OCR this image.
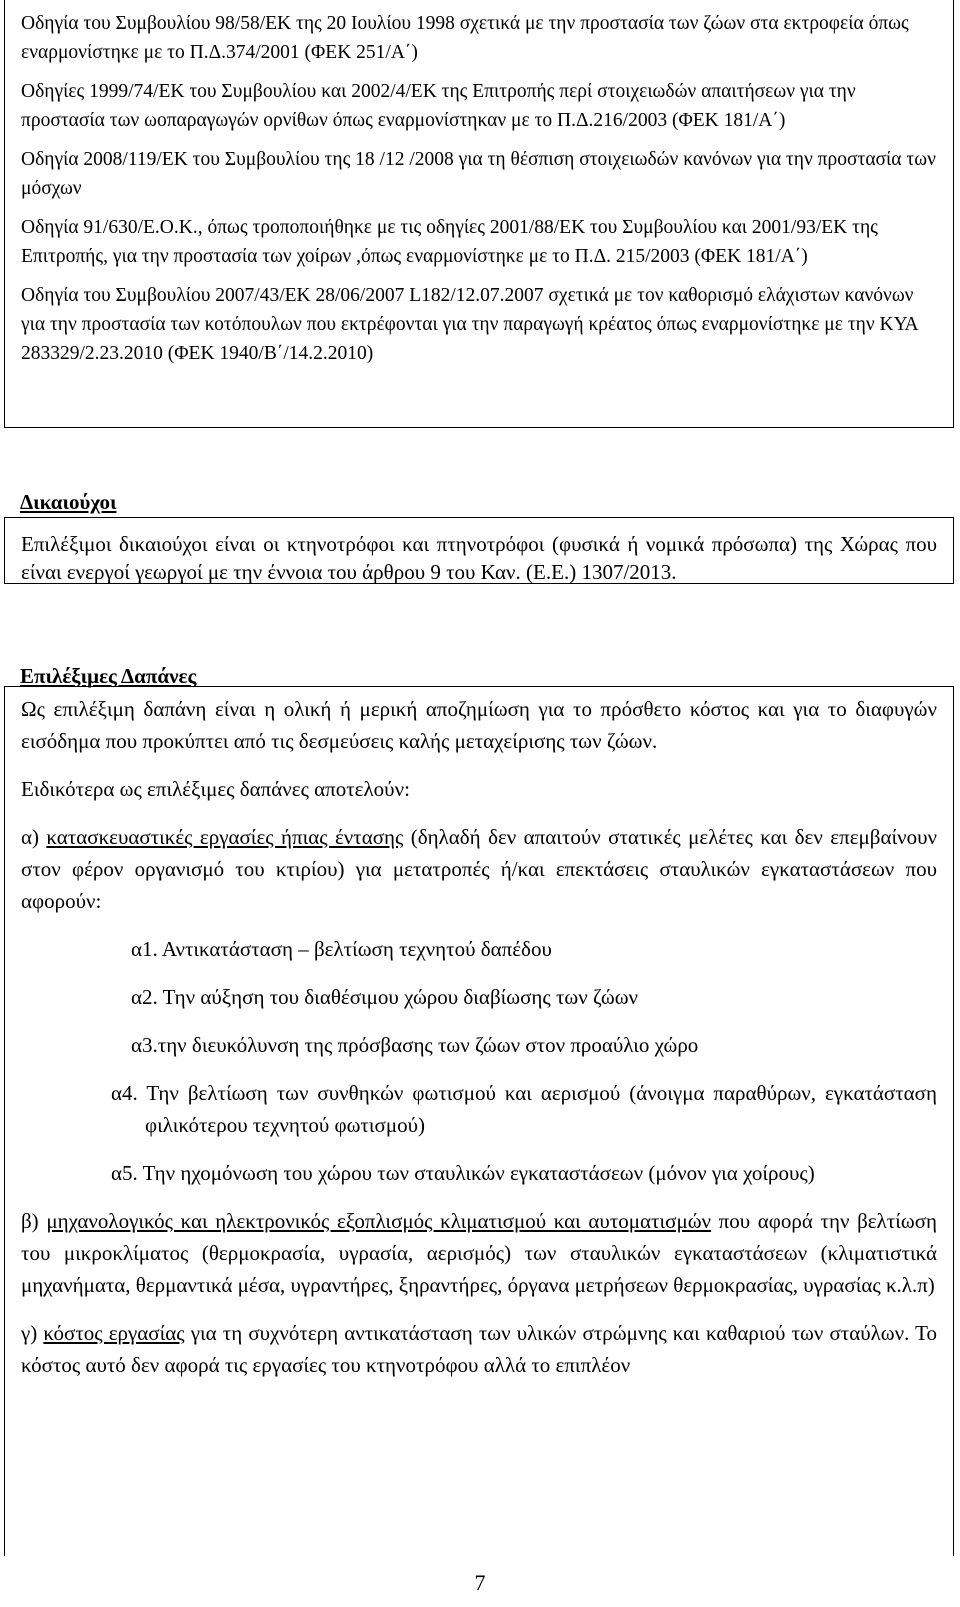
Οδηγία του Συμβουλίου 98/58/ΕΚ της 20 Ιουλίου 1998 σχετικά με την προστασία των ζώων στα εκτροφεία όπως εναρμονίστηκε με το Π.Δ.374/2001 (ΦΕΚ 251/Α΄)

Οδηγίες 1999/74/ΕΚ του Συμβουλίου και 2002/4/ΕΚ της Επιτροπής περί στοιχειωδών απαιτήσεων για την προστασία των ωοπαραγωγών ορνίθων όπως εναρμονίστηκαν με το Π.Δ.216/2003 (ΦΕΚ 181/Α΄)

Οδηγία 2008/119/ΕΚ του Συμβουλίου της 18 /12 /2008 για τη θέσπιση στοιχειωδών κανόνων για την προστασία των μόσχων

Οδηγία 91/630/Ε.Ο.Κ., όπως τροποποιήθηκε με τις οδηγίες 2001/88/ΕΚ του Συμβουλίου και 2001/93/ΕΚ της Επιτροπής, για την προστασία των χοίρων ,όπως εναρμονίστηκε με το Π.Δ. 215/2003 (ΦΕΚ 181/Α΄)

Οδηγία του Συμβουλίου 2007/43/ΕΚ 28/06/2007 L182/12.07.2007 σχετικά με τον καθορισμό ελάχιστων κανόνων για την προστασία των κοτόπουλων που εκτρέφονται για την παραγωγή κρέατος όπως εναρμονίστηκε με την ΚΥΑ 283329/2.23.2010 (ΦΕΚ 1940/Β΄/14.2.2010)

Δικαιούχοι

Επιλέξιμοι δικαιούχοι είναι οι κτηνοτρόφοι και πτηνοτρόφοι (φυσικά ή νομικά πρόσωπα) της Χώρας που είναι ενεργοί γεωργοί με την έννοια του άρθρου 9 του Καν. (Ε.Ε.) 1307/2013.

Επιλέξιμες Δαπάνες

Ως επιλέξιμη δαπάνη είναι η ολική ή μερική αποζημίωση για το πρόσθετο κόστος και για το διαφυγών εισόδημα που προκύπτει από τις δεσμεύσεις καλής μεταχείρισης των ζώων.

Ειδικότερα ως επιλέξιμες δαπάνες αποτελούν:

α) κατασκευαστικές εργασίες ήπιας έντασης (δηλαδή δεν απαιτούν στατικές μελέτες και δεν επεμβαίνουν στον φέρον οργανισμό του κτιρίου) για μετατροπές ή/και επεκτάσεις σταυλικών εγκαταστάσεων που αφορούν:

α1. Αντικατάσταση – βελτίωση τεχνητού δαπέδου

α2. Την αύξηση του διαθέσιμου χώρου διαβίωσης των ζώων

α3.την διευκόλυνση της πρόσβασης των ζώων στον προαύλιο χώρο

α4. Την βελτίωση των συνθηκών φωτισμού και αερισμού (άνοιγμα παραθύρων, εγκατάσταση φιλικότερου τεχνητού φωτισμού)

α5. Την ηχομόνωση του χώρου των σταυλικών εγκαταστάσεων (μόνον για χοίρους)

β) μηχανολογικός και ηλεκτρονικός εξοπλισμός κλιματισμού και αυτοματισμών που αφορά την βελτίωση του μικροκλίματος (θερμοκρασία, υγρασία, αερισμός) των σταυλικών εγκαταστάσεων (κλιματιστικά μηχανήματα, θερμαντικά μέσα, υγραντήρες, ξηραντήρες, όργανα μετρήσεων θερμοκρασίας, υγρασίας κ.λ.π)

γ) κόστος εργασίας για τη συχνότερη αντικατάσταση των υλικών στρώμνης και καθαριού των σταύλων. Το κόστος αυτό δεν αφορά τις εργασίες του κτηνοτρόφου αλλά το επιπλέον

7
